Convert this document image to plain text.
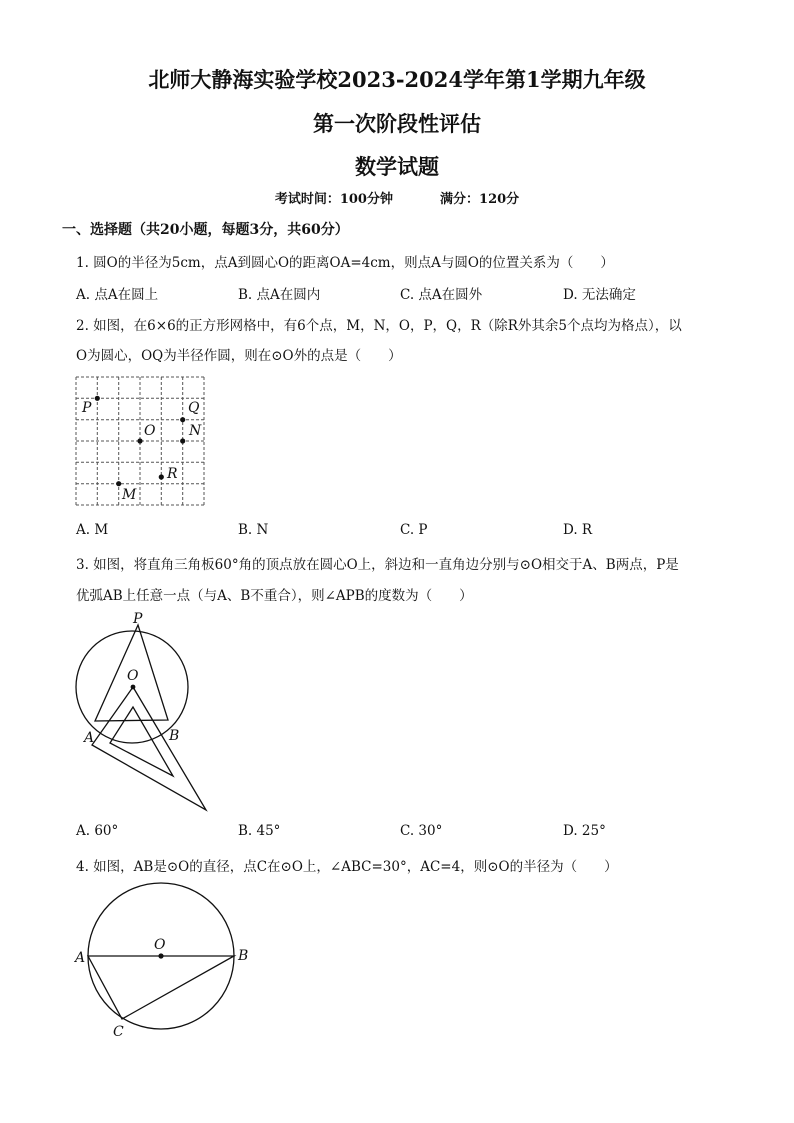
北师大静海实验学校2023-2024学年第1学期九年级
第一次阶段性评估
数学试题
考试时间：100分钟	满分：120分
一、选择题（共20小题，每题3分，共60分）
1. 圆O的半径为5cm，点A到圆心O的距离OA=4cm，则点A与圆O的位置关系为（　　）
A. 点A在圆上	B. 点A在圆内	C. 点A在圆外	D. 无法确定
2. 如图，在6×6的正方形网格中，有6个点，M，N，O，P，Q，R（除R外其余5个点均为格点），以
O为圆心，OQ为半径作圆，则在⊙O外的点是（　　）
P	Q
O N
R
M
A. M	B. N	C. P	D. R
3. 如图，将直角三角板60°角的顶点放在圆心O上，斜边和一直角边分别与⊙O相交于A、B两点，P是
优弧AB上任意一点（与A、B不重合），则∠APB的度数为（　　）
P
O
A	B
A. 60°	B. 45°	C. 30°	D. 25°
4. 如图，AB是⊙O的直径，点C在⊙O上，∠ABC=30°，AC=4，则⊙O的半径为（　　）
O
A	B
C
